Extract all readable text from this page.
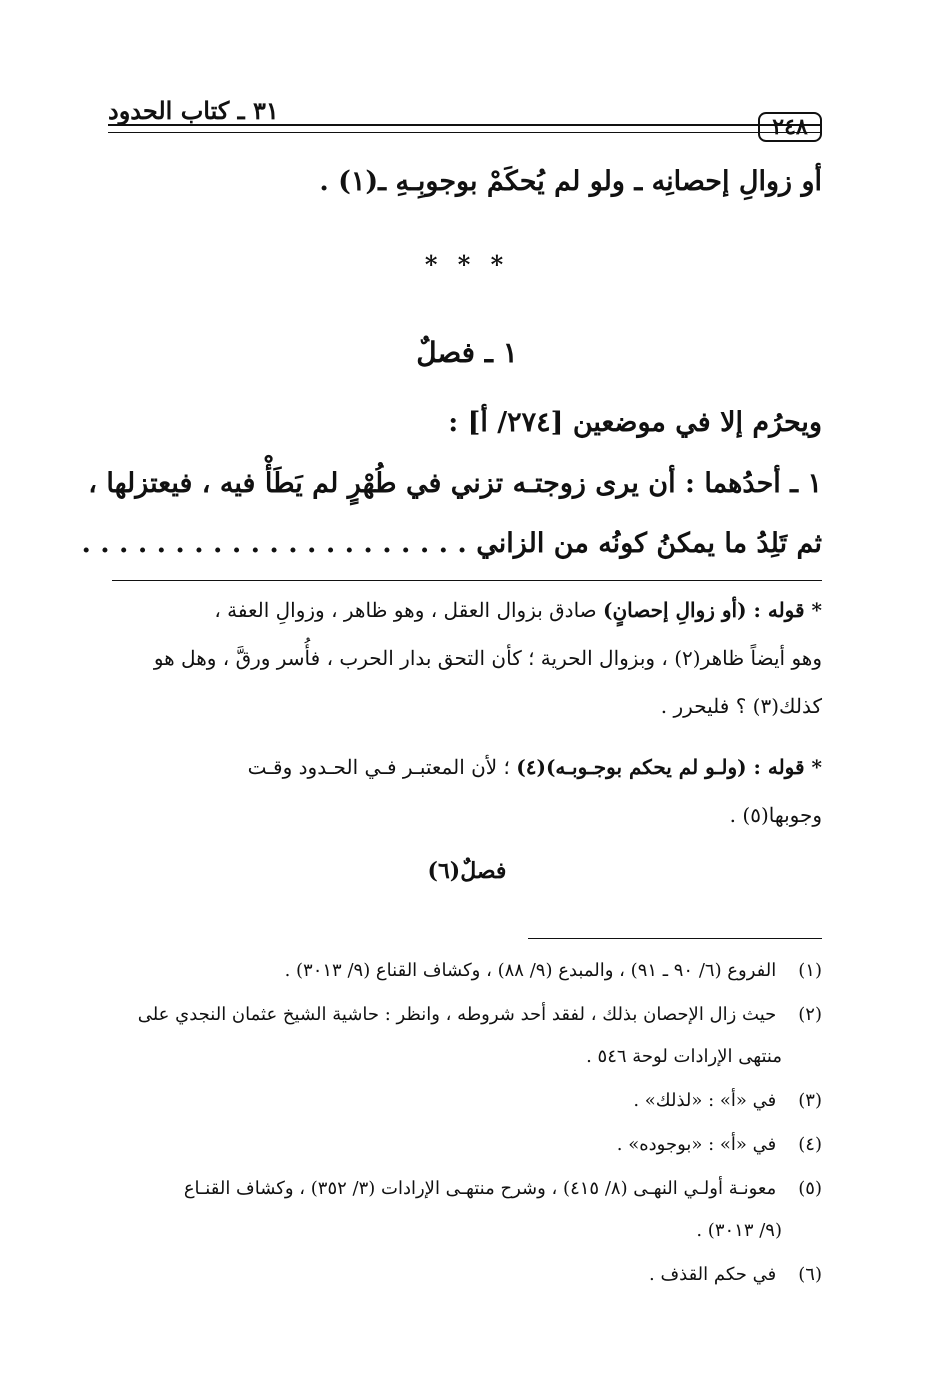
٣١ ـ كتاب الحدود
٢٤٨
أو زوالِ إحصانِه ـ ولو لم يُحكَمْ بوجوبِـهِ ـ(١) .
* * *
١ ـ فصلٌ
ويحرُم إلا في موضعين [٢٧٤/ أ] :
١ ـ أحدُهما : أن يرى زوجتـه تزني في طُهْرٍ لم يَطَأْ فيه ، فيعتزلها ،
ثم تَلِدُ ما يمكنُ كونُه من الزاني . . . . . . . . . . . . . . . . . . . . .
* قوله : (أو زوالِ إحصانٍ) صادق بزوال العقل ، وهو ظاهر ، وزوالِ العفة ،
وهو أيضاً ظاهر(٢) ، وبزوال الحرية ؛ كأن التحق بدار الحرب ، فأُسر ورقَّ ، وهل هو
كذلك(٣) ؟ فليحرر .
* قوله : (ولـو لم يحكم بوجـوبـه)(٤) ؛ لأن المعتبـر فـي الحـدود وقـت
وجوبها(٥) .
فصلٌ(٦)
(١) الفروع (٦/ ٩٠ ـ ٩١) ، والمبدع (٩/ ٨٨) ، وكشاف القناع (٩/ ٣٠١٣) .
(٢) حيث زال الإحصان بذلك ، لفقد أحد شروطه ، وانظر : حاشية الشيخ عثمان النجدي على
منتهى الإرادات لوحة ٥٤٦ .
(٣) في «أ» : «لذلك» .
(٤) في «أ» : «بوجوده» .
(٥) معونـة أولـي النهـى (٨/ ٤١٥) ، وشرح منتهـى الإرادات (٣/ ٣٥٢) ، وكشاف القنـاع
(٩/ ٣٠١٣) .
(٦) في حكم القذف .
